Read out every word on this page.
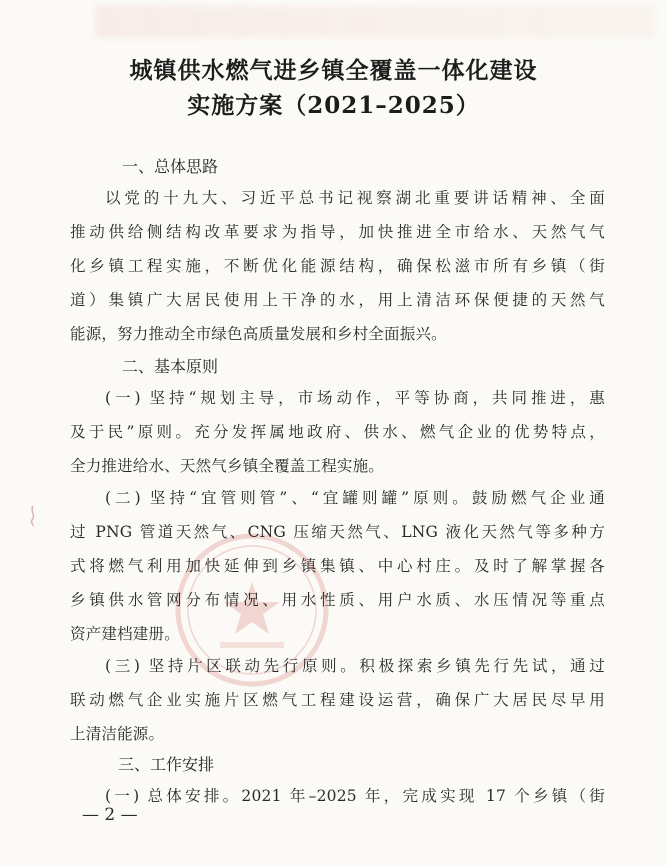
城镇供水燃气进乡镇全覆盖一体化建设
实施方案（2021–2025）
一、总体思路
以党的十九大、习近平总书记视察湖北重要讲话精神、全面
推动供给侧结构改革要求为指导，加快推进全市给水、天然气气
化乡镇工程实施，不断优化能源结构，确保松滋市所有乡镇（街
道）集镇广大居民使用上干净的水，用上清洁环保便捷的天然气
能源，努力推动全市绿色高质量发展和乡村全面振兴。
二、基本原则
(一) 坚持“规划主导，市场动作，平等协商，共同推进，惠
及于民”原则。充分发挥属地政府、供水、燃气企业的优势特点，
全力推进给水、天然气乡镇全覆盖工程实施。
(二) 坚持“宜管则管”、“宜罐则罐”原则。鼓励燃气企业通
过 PNG 管道天然气、CNG 压缩天然气、LNG 液化天然气等多种方
式将燃气利用加快延伸到乡镇集镇、中心村庄。及时了解掌握各
乡镇供水管网分布情况、用水性质、用户水质、水压情况等重点
资产建档建册。
(三) 坚持片区联动先行原则。积极探索乡镇先行先试，通过
联动燃气企业实施片区燃气工程建设运营，确保广大居民尽早用
上清洁能源。
三、工作安排
(一) 总体安排。2021 年–2025 年，完成实现 17 个乡镇（街
— 2 —
